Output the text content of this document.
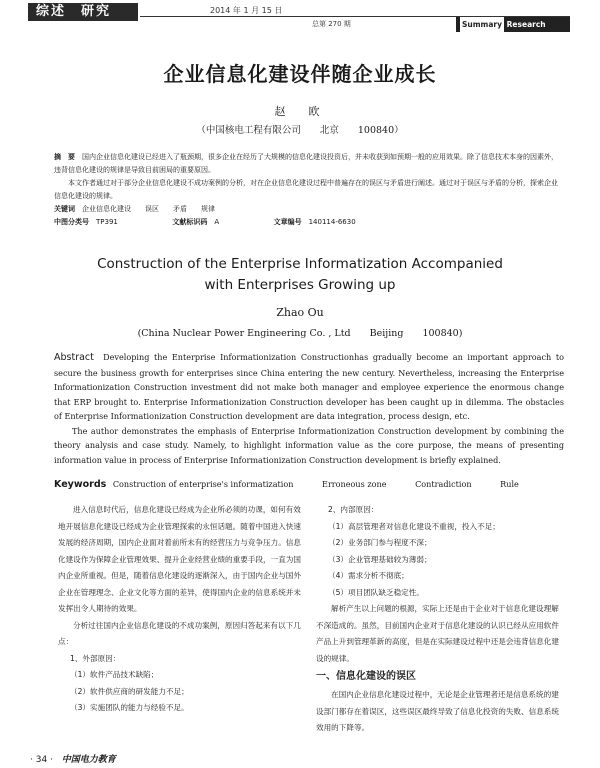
综述　研究	2014 年 1 月 15 日
总第 270 期	Summary Research
企业信息化建设伴随企业成长
赵　欧
（中国核电工程有限公司　　北京　　100840）
摘　要　 国内企业信息化建设已经进入了瓶颈期，很多企业在经历了大规模的信息化建设投资后，并未收获到如预期一般的应用效果。除了信息技术本身的因素外，违背信息化建设的规律是导致目前困局的重要原因。
本文作者通过对于部分企业信息化建设不成功案例的分析，对在企业信息化建设过程中普遍存在的误区与矛盾进行阐述。通过对于误区与矛盾的分析，探索企业信息化建设的规律。
关键词　 企业信息化建设　　误区　　矛盾　　规律
中图分类号　 TP391	文献标识码　 A	文章编号　 140114-6630
Construction of the Enterprise Informatization Accompanied
with Enterprises Growing up
Zhao Ou
(China Nuclear Power Engineering Co. , Ltd　　Beijing　　100840)

Abstract Developing the Enterprise Informationization Constructionhas gradually become an important approach to secure the business growth for enterprises since China entering the new century. Nevertheless, increasing the Enterprise Informationization Construction investment did not make both manager and employee experience the enormous change that ERP brought to. Enterprise Informationization Construction developer has been caught up in dilemma. The obstacles of Enterprise Informationization Construction development are data integration, process design, etc.

The author demonstrates the emphasis of Enterprise Informationization Construction development by combining the theory analysis and case study. Namely, to highlight information value as the core purpose, the means of presenting information value in process of Enterprise Informationization Construction development is briefly explained.

Keywords Construction of enterprise's informatization	Erroneous zone	Contradiction	Rule

进入信息时代后，信息化建设已经成为企业所必须的功课，如何有效地开展信息化建设已经成为企业管理探索的永恒话题。随着中国进入快速发展的经济周期，国内企业面对着前所未有的经营压力与竞争压力。信息化建设作为保障企业管理效果、提升企业经营业绩的重要手段，一直为国内企业所重视。但是，随着信息化建设的逐渐深入，由于国内企业与国外企业在管理理念、企业文化等方面的差异，使得国内企业的信息系统并未发挥出令人期待的效果。

分析过往国内企业信息化建设的不成功案例，原因归答起来有以下几点：

1、外部原因：

（1）软件产品技术缺陷；

（2）软件供应商的研发能力不足；

（3）实施团队的能力与经验不足。

2、内部原因：

（1）高层管理者对信息化建设不重视，投入不足；

（2）业务部门参与程度不深；

（3）企业管理基础较为薄弱；

（4）需求分析不彻底；

（5）项目团队缺乏稳定性。

解析产生以上问题的根源，实际上还是由于企业对于信息化建设理解不深造成的。虽然，目前国内企业对于信息化建设的认识已经从应用软件产品上升到管理革新的高度，但是在实际建设过程中还是会违背信息化建设的规律。

一、信息化建设的误区

在国内企业信息化建设过程中，无论是企业管理者还是信息系统的建设部门都存在着误区，这些误区最终导致了信息化投资的失败、信息系统效用的下降等。

· 34 · 中国电力教育
